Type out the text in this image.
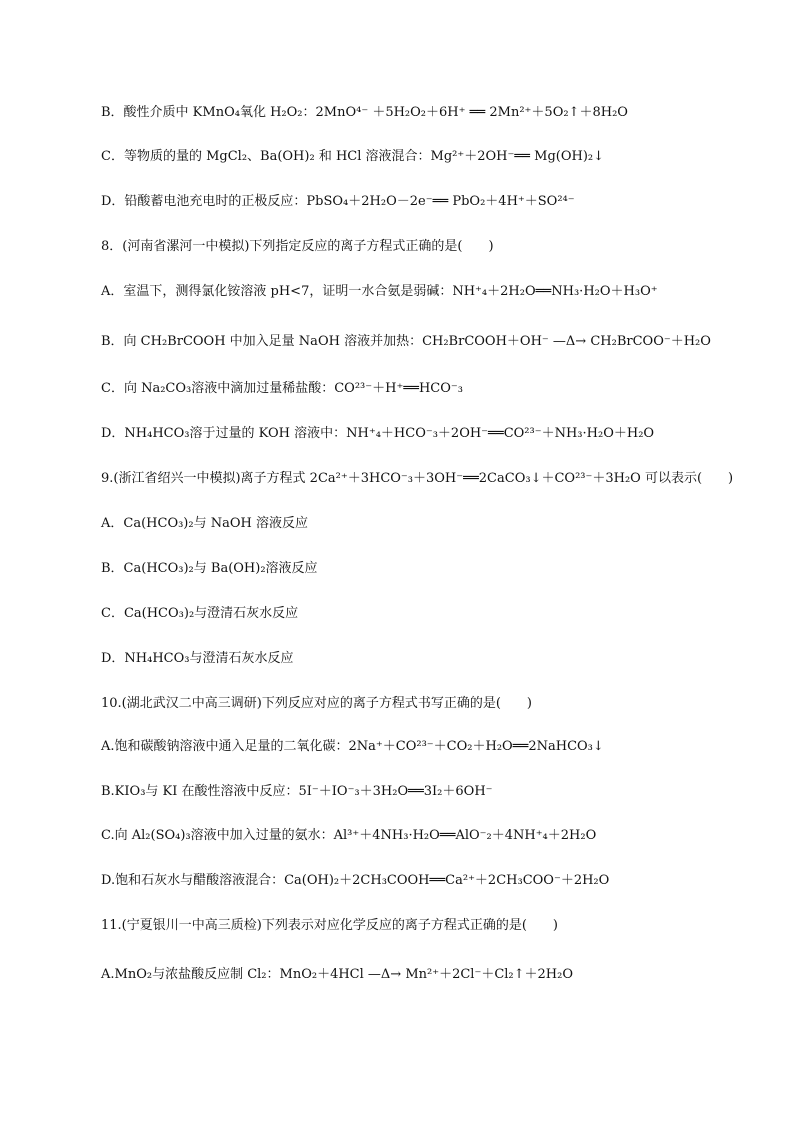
B．酸性介质中 KMnO₄氧化 H₂O₂：2MnO⁴⁻ ＋5H₂O₂＋6H⁺ ══ 2Mn²⁺＋5O₂↑＋8H₂O
C．等物质的量的 MgCl₂、Ba(OH)₂ 和 HCl 溶液混合：Mg²⁺＋2OH⁻══ Mg(OH)₂↓
D．铅酸蓄电池充电时的正极反应：PbSO₄＋2H₂O－2e⁻══ PbO₂＋4H⁺＋SO²⁴⁻
8．(河南省漯河一中模拟)下列指定反应的离子方程式正确的是(　　)
A．室温下，测得氯化铵溶液 pH<7，证明一水合氨是弱碱：NH⁺₄＋2H₂O══NH₃·H₂O＋H₃O⁺
B．向 CH₂BrCOOH 中加入足量 NaOH 溶液并加热：CH₂BrCOOH＋OH⁻ —Δ→ CH₂BrCOO⁻＋H₂O
C．向 Na₂CO₃溶液中滴加过量稀盐酸：CO²³⁻＋H⁺══HCO⁻₃
D．NH₄HCO₃溶于过量的 KOH 溶液中：NH⁺₄＋HCO⁻₃＋2OH⁻══CO²³⁻＋NH₃·H₂O＋H₂O
9.(浙江省绍兴一中模拟)离子方程式 2Ca²⁺＋3HCO⁻₃＋3OH⁻══2CaCO₃↓＋CO²³⁻＋3H₂O 可以表示(　　)
A．Ca(HCO₃)₂与 NaOH 溶液反应
B．Ca(HCO₃)₂与 Ba(OH)₂溶液反应
C．Ca(HCO₃)₂与澄清石灰水反应
D．NH₄HCO₃与澄清石灰水反应
10.(湖北武汉二中高三调研)下列反应对应的离子方程式书写正确的是(　　)
A.饱和碳酸钠溶液中通入足量的二氧化碳：2Na⁺＋CO²³⁻＋CO₂＋H₂O══2NaHCO₃↓
B.KIO₃与 KI 在酸性溶液中反应：5I⁻＋IO⁻₃＋3H₂O══3I₂＋6OH⁻
C.向 Al₂(SO₄)₃溶液中加入过量的氨水：Al³⁺＋4NH₃·H₂O══AlO⁻₂＋4NH⁺₄＋2H₂O
D.饱和石灰水与醋酸溶液混合：Ca(OH)₂＋2CH₃COOH══Ca²⁺＋2CH₃COO⁻＋2H₂O
11.(宁夏银川一中高三质检)下列表示对应化学反应的离子方程式正确的是(　　)
A.MnO₂与浓盐酸反应制 Cl₂：MnO₂＋4HCl —Δ→ Mn²⁺＋2Cl⁻＋Cl₂↑＋2H₂O
